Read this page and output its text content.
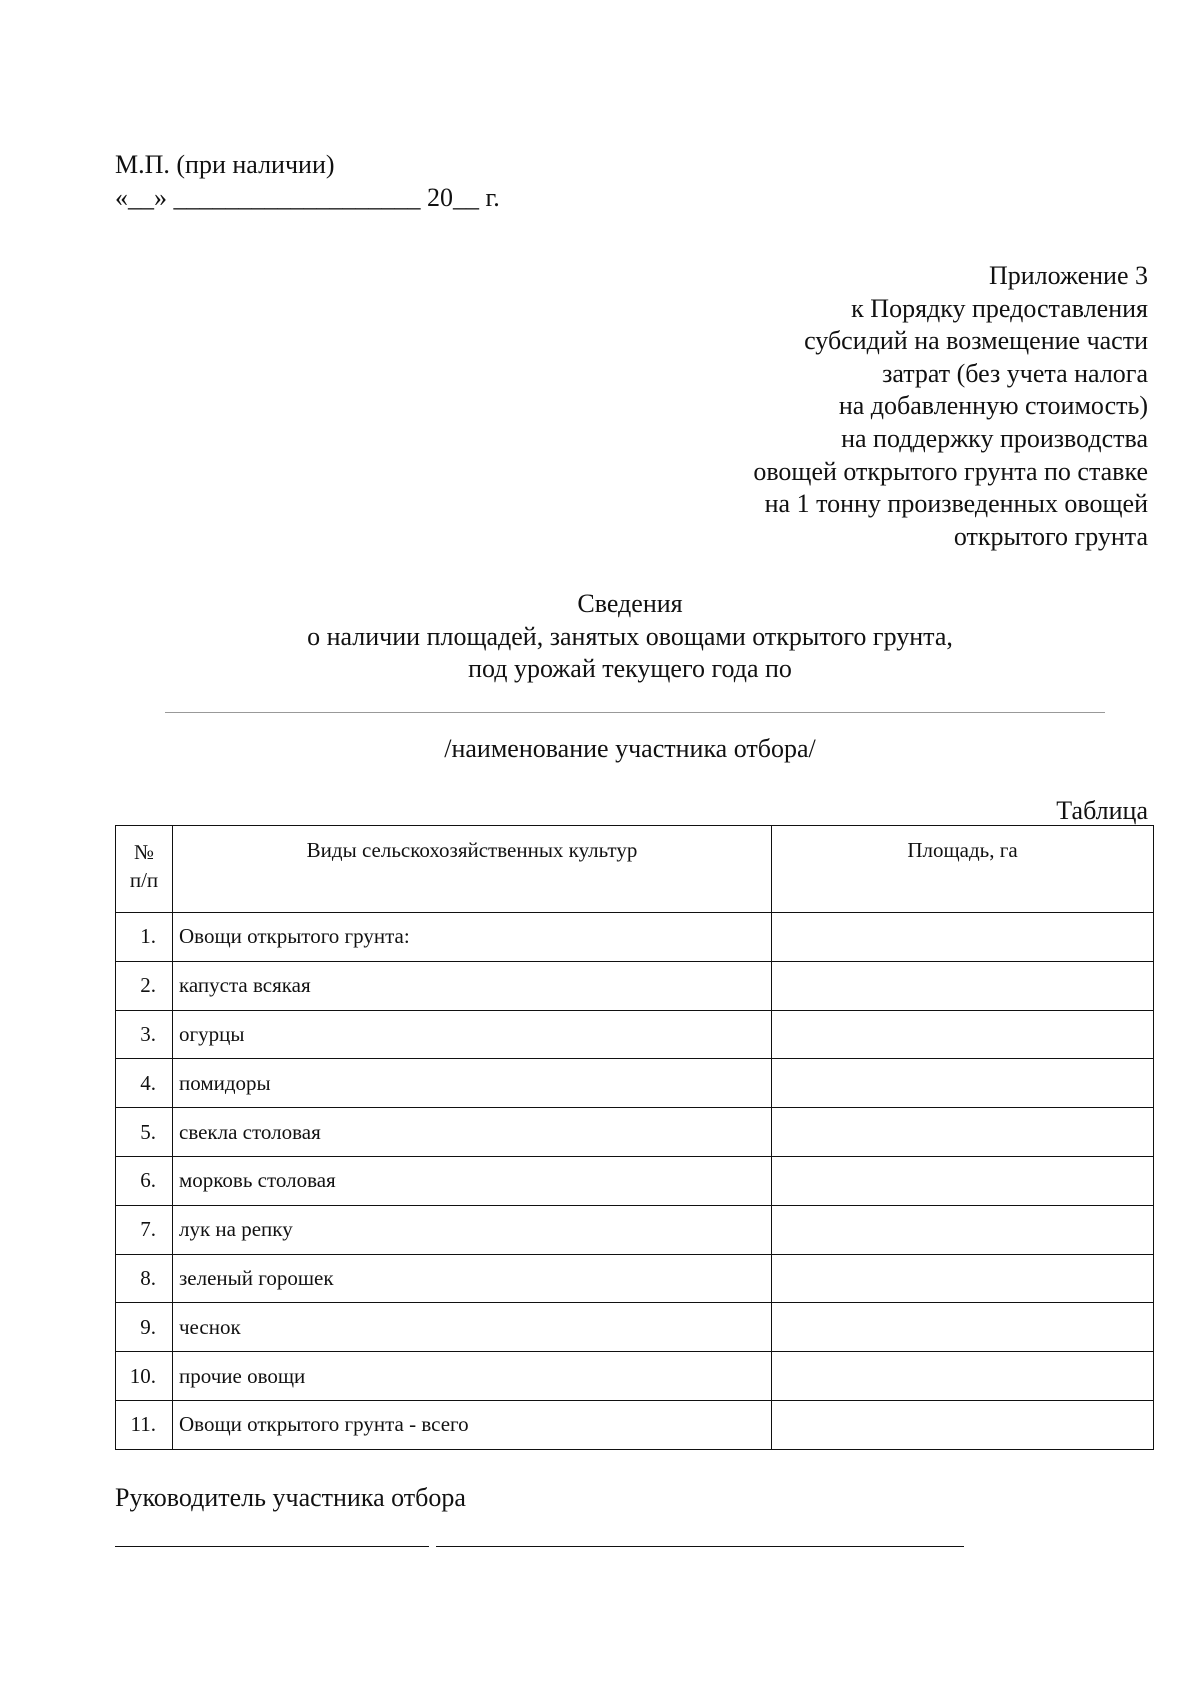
М.П. (при наличии)
«__» ___________________ 20__ г.
Приложение 3
к Порядку предоставления
субсидий на возмещение части
затрат (без учета налога
на добавленную стоимость)
на поддержку производства
овощей открытого грунта по ставке
на 1 тонну произведенных овощей
открытого грунта
Сведения
о наличии площадей, занятых овощами открытого грунта,
под урожай текущего года по
/наименование участника отбора/
Таблица
№
п/п	Виды сельскохозяйственных культур	Площадь, га
1.	Овощи открытого грунта:	
2.	капуста всякая	
3.	огурцы	
4.	помидоры	
5.	свекла столовая	
6.	морковь столовая	
7.	лук на репку	
8.	зеленый горошек	
9.	чеснок	
10.	прочие овощи	
11.	Овощи открытого грунта - всего	
Руководитель участника отбора
